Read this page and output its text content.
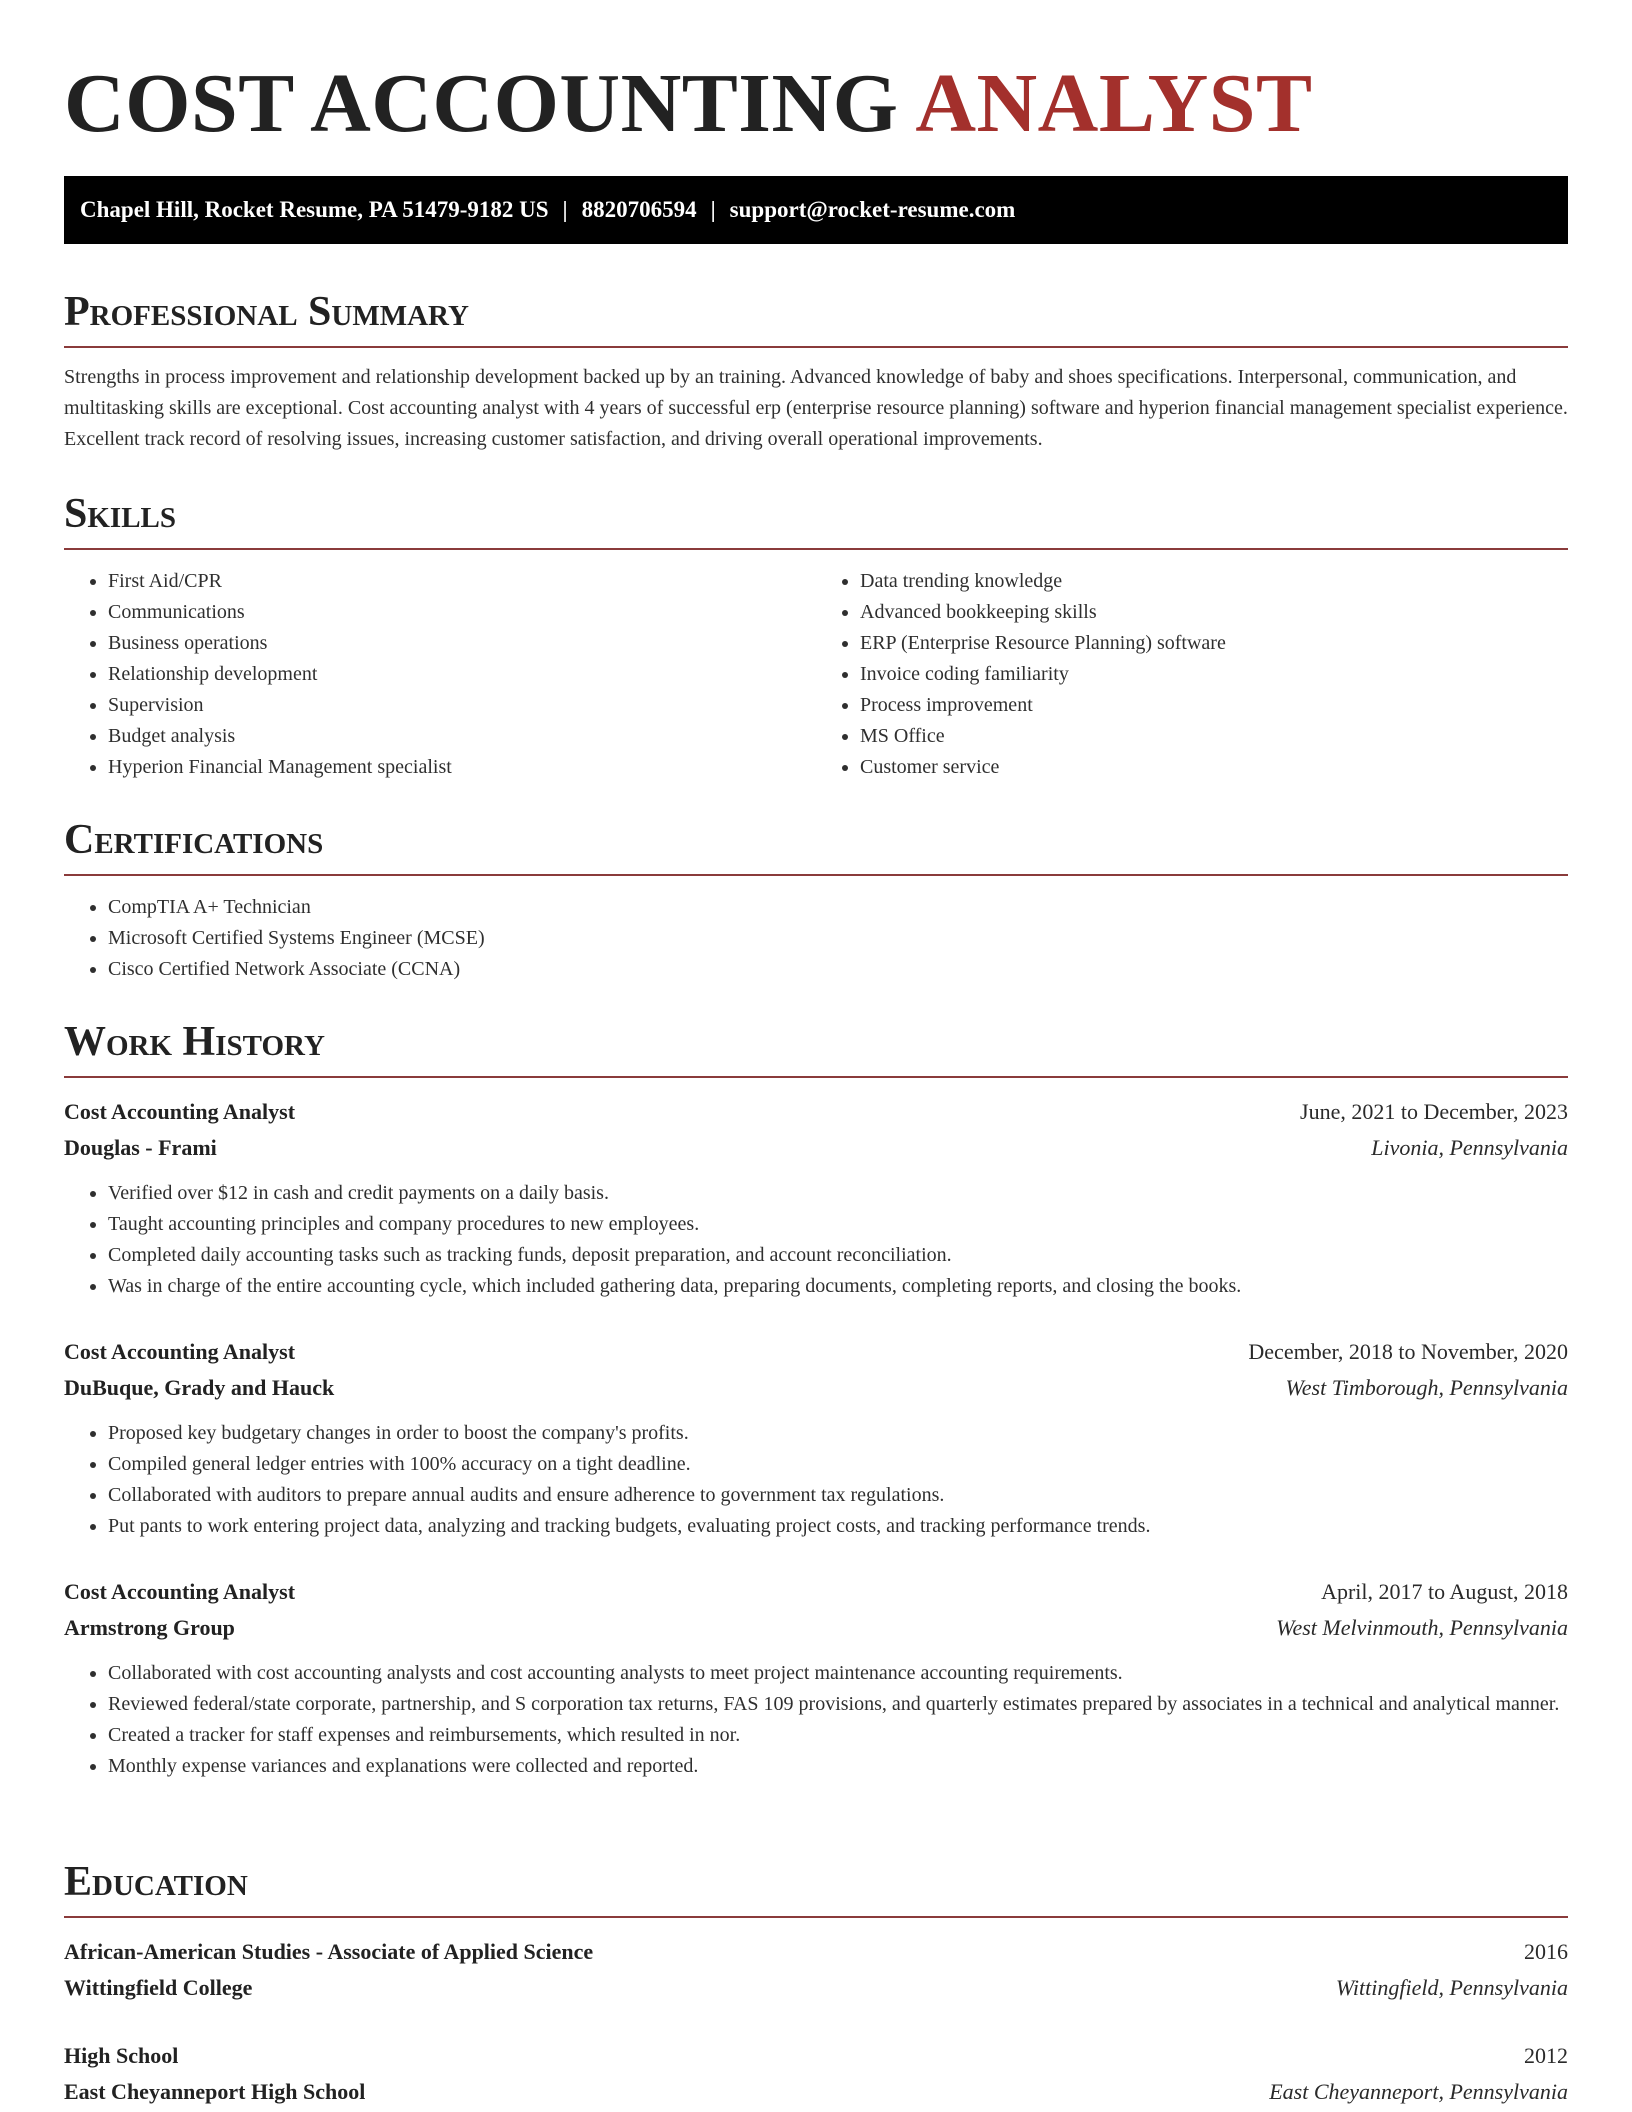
COST ACCOUNTING ANALYST
Chapel Hill, Rocket Resume, PA 51479-9182 US | 8820706594 | support@rocket-resume.com
Professional Summary

Strengths in process improvement and relationship development backed up by an training. Advanced knowledge of baby and shoes specifications. Interpersonal, communication, and multitasking skills are exceptional. Cost accounting analyst with 4 years of successful erp (enterprise resource planning) software and hyperion financial management specialist experience. Excellent track record of resolving issues, increasing customer satisfaction, and driving overall operational improvements.

Skills
• First Aid/CPR
• Communications
• Business operations
• Relationship development
• Supervision
• Budget analysis
• Hyperion Financial Management specialist
• Data trending knowledge
• Advanced bookkeeping skills
• ERP (Enterprise Resource Planning) software
• Invoice coding familiarity
• Process improvement
• MS Office
• Customer service
Certifications
• CompTIA A+ Technician
• Microsoft Certified Systems Engineer (MCSE)
• Cisco Certified Network Associate (CCNA)
Work History
Cost Accounting Analyst	June, 2021 to December, 2023
Douglas - Frami	Livonia, Pennsylvania
• Verified over $12 in cash and credit payments on a daily basis.
• Taught accounting principles and company procedures to new employees.
• Completed daily accounting tasks such as tracking funds, deposit preparation, and account reconciliation.
• Was in charge of the entire accounting cycle, which included gathering data, preparing documents, completing reports, and closing the books.
Cost Accounting Analyst	December, 2018 to November, 2020
DuBuque, Grady and Hauck	West Timborough, Pennsylvania
• Proposed key budgetary changes in order to boost the company's profits.
• Compiled general ledger entries with 100% accuracy on a tight deadline.
• Collaborated with auditors to prepare annual audits and ensure adherence to government tax regulations.
• Put pants to work entering project data, analyzing and tracking budgets, evaluating project costs, and tracking performance trends.
Cost Accounting Analyst	April, 2017 to August, 2018
Armstrong Group	West Melvinmouth, Pennsylvania
• Collaborated with cost accounting analysts and cost accounting analysts to meet project maintenance accounting requirements.
• Reviewed federal/state corporate, partnership, and S corporation tax returns, FAS 109 provisions, and quarterly estimates prepared by associates in a technical and analytical manner.
• Created a tracker for staff expenses and reimbursements, which resulted in nor.
• Monthly expense variances and explanations were collected and reported.
Education
African-American Studies - Associate of Applied Science	2016
Wittingfield College	Wittingfield, Pennsylvania
High School	2012
East Cheyanneport High School	East Cheyanneport, Pennsylvania
